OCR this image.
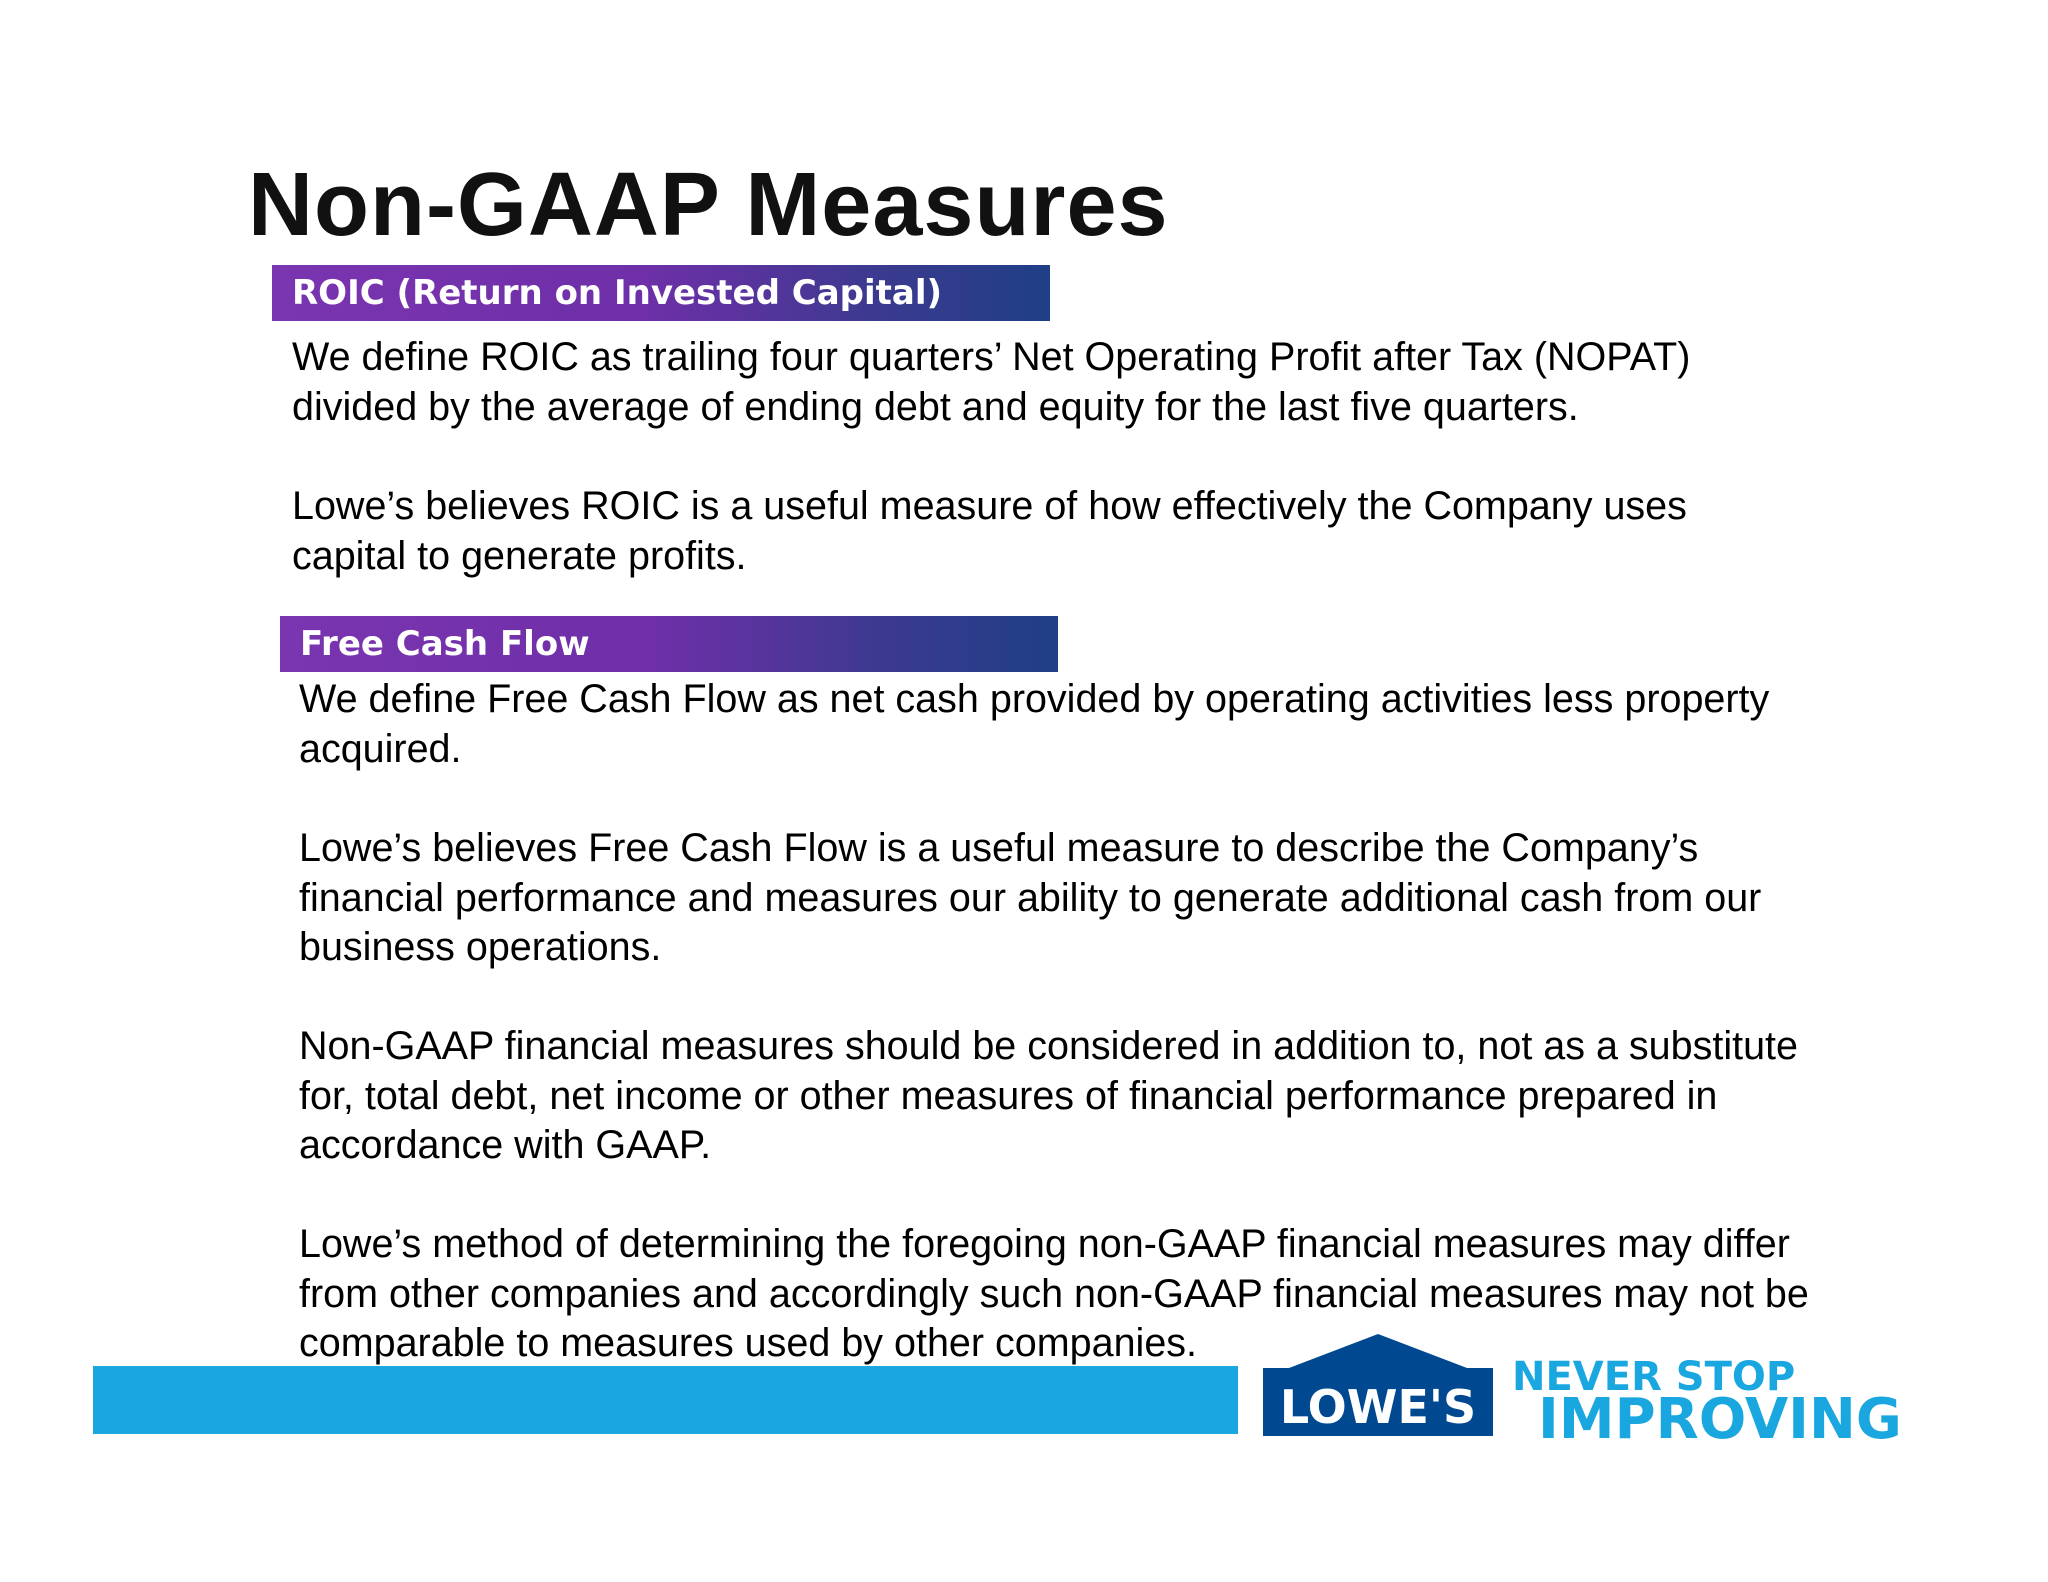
Non-GAAP Measures
ROIC (Return on Invested Capital)

We define ROIC as trailing four quarters’ Net Operating Profit after Tax (NOPAT)
divided by the average of ending debt and equity for the last five quarters.

Lowe’s believes ROIC is a useful measure of how effectively the Company uses
capital to generate profits.

Free Cash Flow

We define Free Cash Flow as net cash provided by operating activities less property
acquired.

Lowe’s believes Free Cash Flow is a useful measure to describe the Company’s
financial performance and measures our ability to generate additional cash from our
business operations.

Non-GAAP financial measures should be considered in addition to, not as a substitute
for, total debt, net income or other measures of financial performance prepared in
accordance with GAAP.

Lowe’s method of determining the foregoing non-GAAP financial measures may differ
from other companies and accordingly such non-GAAP financial measures may not be
comparable to measures used by other companies.

LOWE'S
NEVER STOP
IMPROVING
